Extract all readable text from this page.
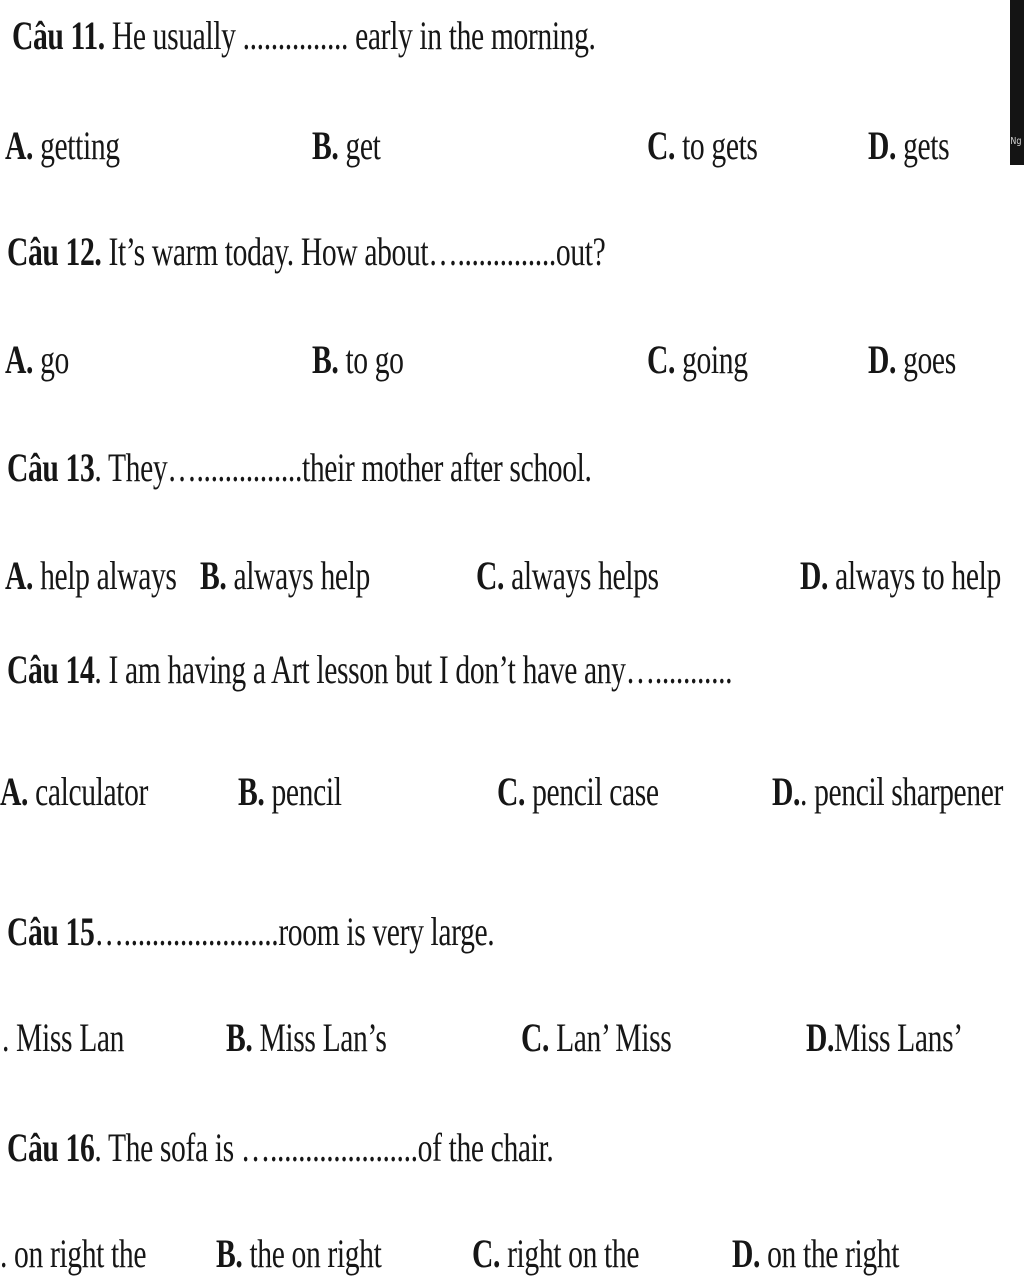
Ng
Câu 11. He usually ............... early in the morning.
A. getting	B. get	C. to gets	D. gets
Câu 12. It’s warm today. How about…..............out?
A. go	B. to go	C. going	D. goes
Câu 13. They…...............their mother after school.
A. help always B. always help	C. always helps	D. always to help
Câu 14. I am having a Art lesson but I don’t have any…...........
A. calculator B. pencil	C. pencil case	D.. pencil sharpener
Câu 15…......................room is very large.
. Miss Lan	B. Miss Lan’s	C. Lan’ Miss	D.Miss Lans’
Câu 16. The sofa is ….....................of the chair.
. on right the B. the on right C. right on the D. on the right
